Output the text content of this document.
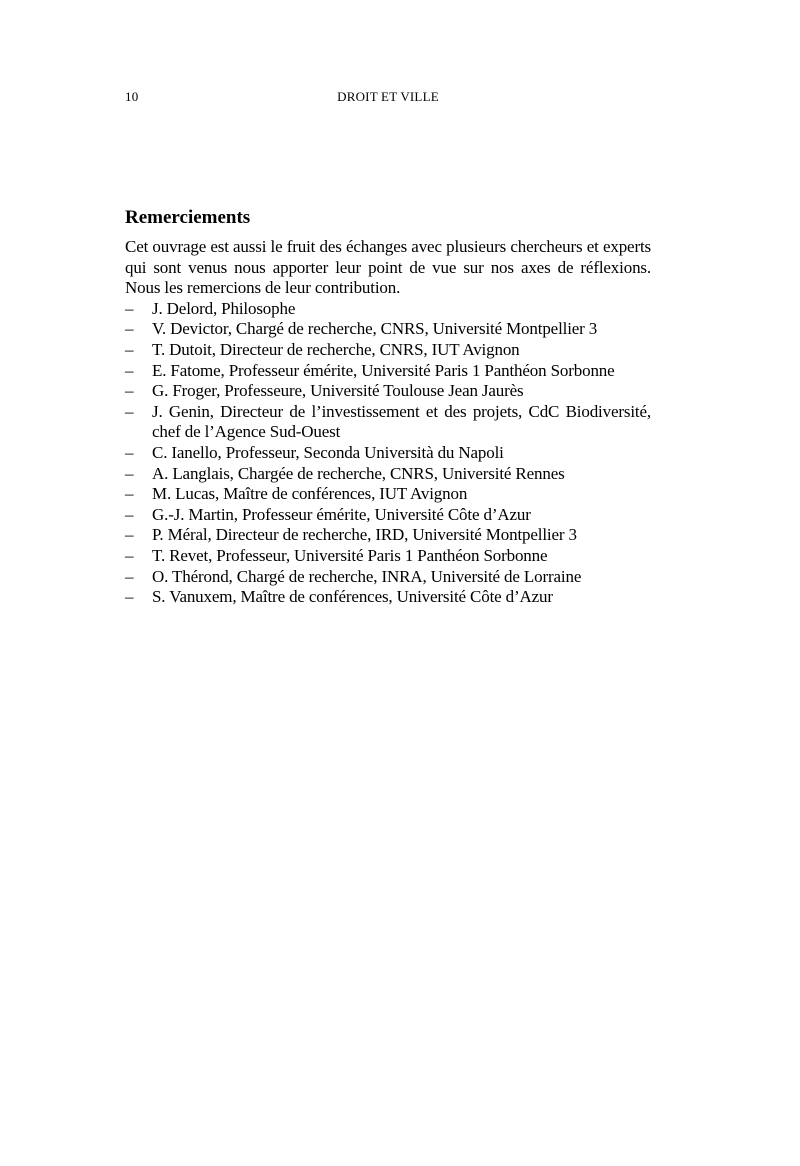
10	DROIT ET VILLE
Remerciements

Cet ouvrage est aussi le fruit des échanges avec plusieurs chercheurs et experts qui sont venus nous apporter leur point de vue sur nos axes de réflexions. Nous les remercions de leur contribution.

– J. Delord, Philosophe
– V. Devictor, Chargé de recherche, CNRS, Université Montpellier 3
– T. Dutoit, Directeur de recherche, CNRS, IUT Avignon
– E. Fatome, Professeur émérite, Université Paris 1 Panthéon Sorbonne
– G. Froger, Professeure, Université Toulouse Jean Jaurès
– J. Genin, Directeur de l’investissement et des projets, CdC Biodiversité, chef de l’Agence Sud-Ouest
– C. Ianello, Professeur, Seconda Università du Napoli
– A. Langlais, Chargée de recherche, CNRS, Université Rennes
– M. Lucas, Maître de conférences, IUT Avignon
– G.-J. Martin, Professeur émérite, Université Côte d’Azur
– P. Méral, Directeur de recherche, IRD, Université Montpellier 3
– T. Revet, Professeur, Université Paris 1 Panthéon Sorbonne
– O. Thérond, Chargé de recherche, INRA, Université de Lorraine
– S. Vanuxem, Maître de conférences, Université Côte d’Azur
